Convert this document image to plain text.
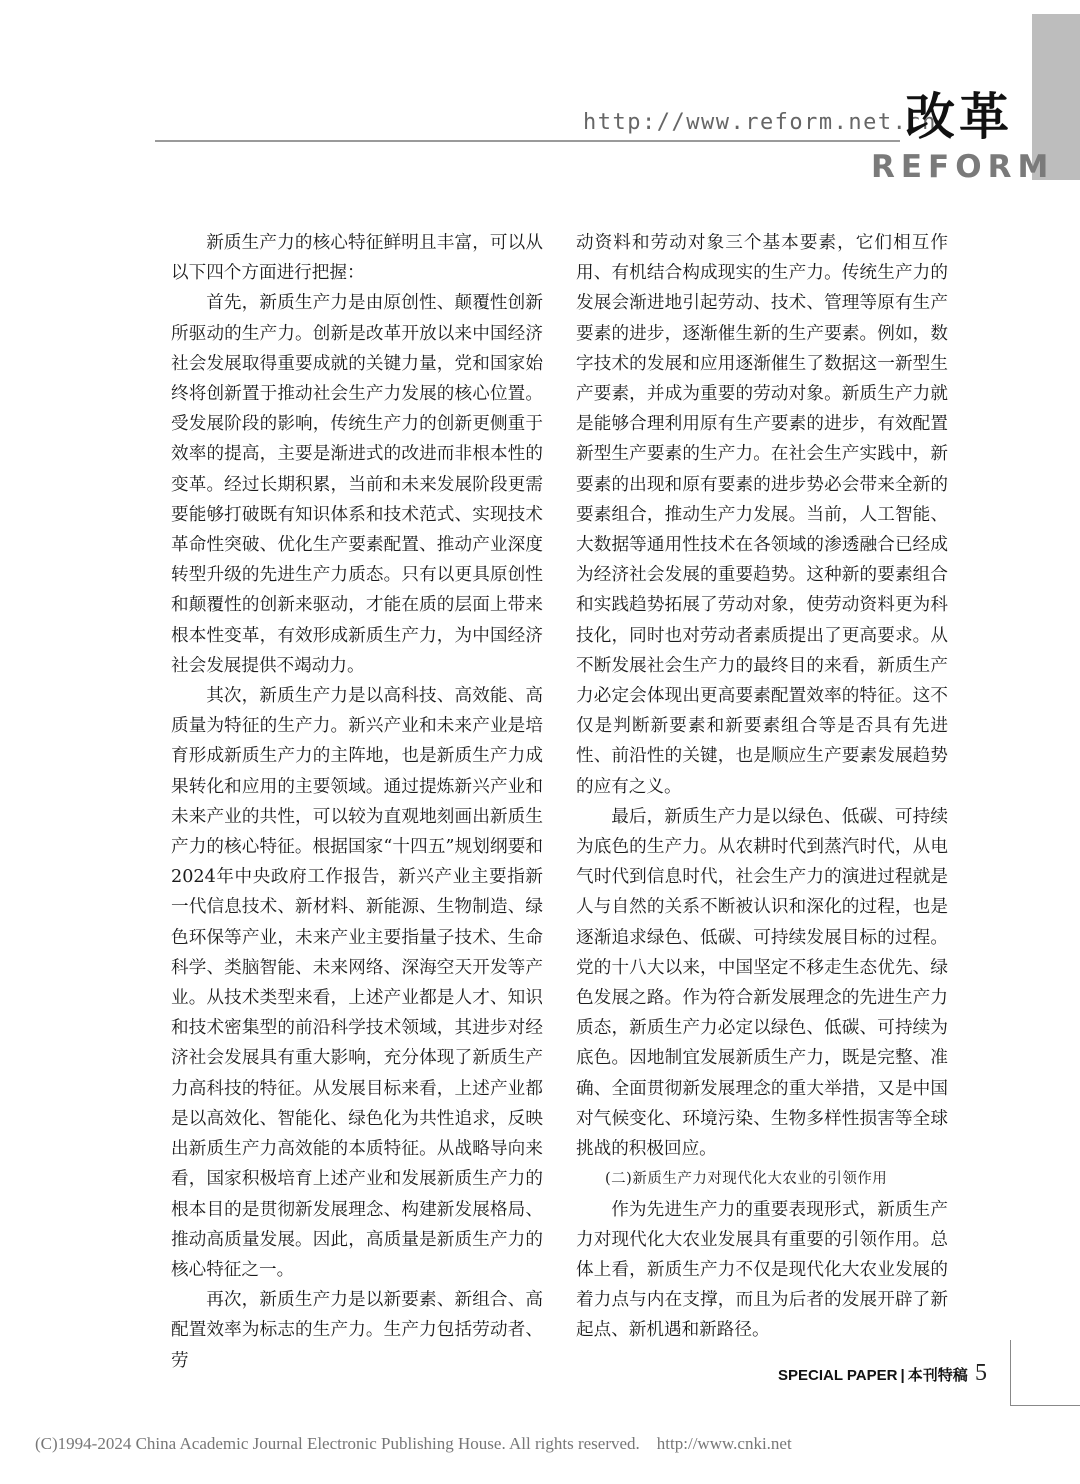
http://www.reform.net.cn
改革
REFORM

新质生产力的核心特征鲜明且丰富，可以从以下四个方面进行把握：

首先，新质生产力是由原创性、颠覆性创新所驱动的生产力。创新是改革开放以来中国经济社会发展取得重要成就的关键力量，党和国家始终将创新置于推动社会生产力发展的核心位置。受发展阶段的影响，传统生产力的创新更侧重于效率的提高，主要是渐进式的改进而非根本性的变革。经过长期积累，当前和未来发展阶段更需要能够打破既有知识体系和技术范式、实现技术革命性突破、优化生产要素配置、推动产业深度转型升级的先进生产力质态。只有以更具原创性和颠覆性的创新来驱动，才能在质的层面上带来根本性变革，有效形成新质生产力，为中国经济社会发展提供不竭动力。

其次，新质生产力是以高科技、高效能、高质量为特征的生产力。新兴产业和未来产业是培育形成新质生产力的主阵地，也是新质生产力成果转化和应用的主要领域。通过提炼新兴产业和未来产业的共性，可以较为直观地刻画出新质生产力的核心特征。根据国家“十四五”规划纲要和2024年中央政府工作报告，新兴产业主要指新一代信息技术、新材料、新能源、生物制造、绿色环保等产业，未来产业主要指量子技术、生命科学、类脑智能、未来网络、深海空天开发等产业。从技术类型来看，上述产业都是人才、知识和技术密集型的前沿科学技术领域，其进步对经济社会发展具有重大影响，充分体现了新质生产力高科技的特征。从发展目标来看，上述产业都是以高效化、智能化、绿色化为共性追求，反映出新质生产力高效能的本质特征。从战略导向来看，国家积极培育上述产业和发展新质生产力的根本目的是贯彻新发展理念、构建新发展格局、推动高质量发展。因此，高质量是新质生产力的核心特征之一。

再次，新质生产力是以新要素、新组合、高配置效率为标志的生产力。生产力包括劳动者、劳

动资料和劳动对象三个基本要素，它们相互作用、有机结合构成现实的生产力。传统生产力的发展会渐进地引起劳动、技术、管理等原有生产要素的进步，逐渐催生新的生产要素。例如，数字技术的发展和应用逐渐催生了数据这一新型生产要素，并成为重要的劳动对象。新质生产力就是能够合理利用原有生产要素的进步，有效配置新型生产要素的生产力。在社会生产实践中，新要素的出现和原有要素的进步势必会带来全新的要素组合，推动生产力发展。当前，人工智能、大数据等通用性技术在各领域的渗透融合已经成为经济社会发展的重要趋势。这种新的要素组合和实践趋势拓展了劳动对象，使劳动资料更为科技化，同时也对劳动者素质提出了更高要求。从不断发展社会生产力的最终目的来看，新质生产力必定会体现出更高要素配置效率的特征。这不仅是判断新要素和新要素组合等是否具有先进性、前沿性的关键，也是顺应生产要素发展趋势的应有之义。

最后，新质生产力是以绿色、低碳、可持续为底色的生产力。从农耕时代到蒸汽时代，从电气时代到信息时代，社会生产力的演进过程就是人与自然的关系不断被认识和深化的过程，也是逐渐追求绿色、低碳、可持续发展目标的过程。党的十八大以来，中国坚定不移走生态优先、绿色发展之路。作为符合新发展理念的先进生产力质态，新质生产力必定以绿色、低碳、可持续为底色。因地制宜发展新质生产力，既是完整、准确、全面贯彻新发展理念的重大举措，又是中国对气候变化、环境污染、生物多样性损害等全球挑战的积极回应。

(二)新质生产力对现代化大农业的引领作用

作为先进生产力的重要表现形式，新质生产力对现代化大农业发展具有重要的引领作用。总体上看，新质生产力不仅是现代化大农业发展的着力点与内在支撑，而且为后者的发展开辟了新起点、新机遇和新路径。

SPECIAL PAPER | 本刊特稿 5
(C)1994-2024 China Academic Journal Electronic Publishing House. All rights reserved.    http://www.cnki.net
